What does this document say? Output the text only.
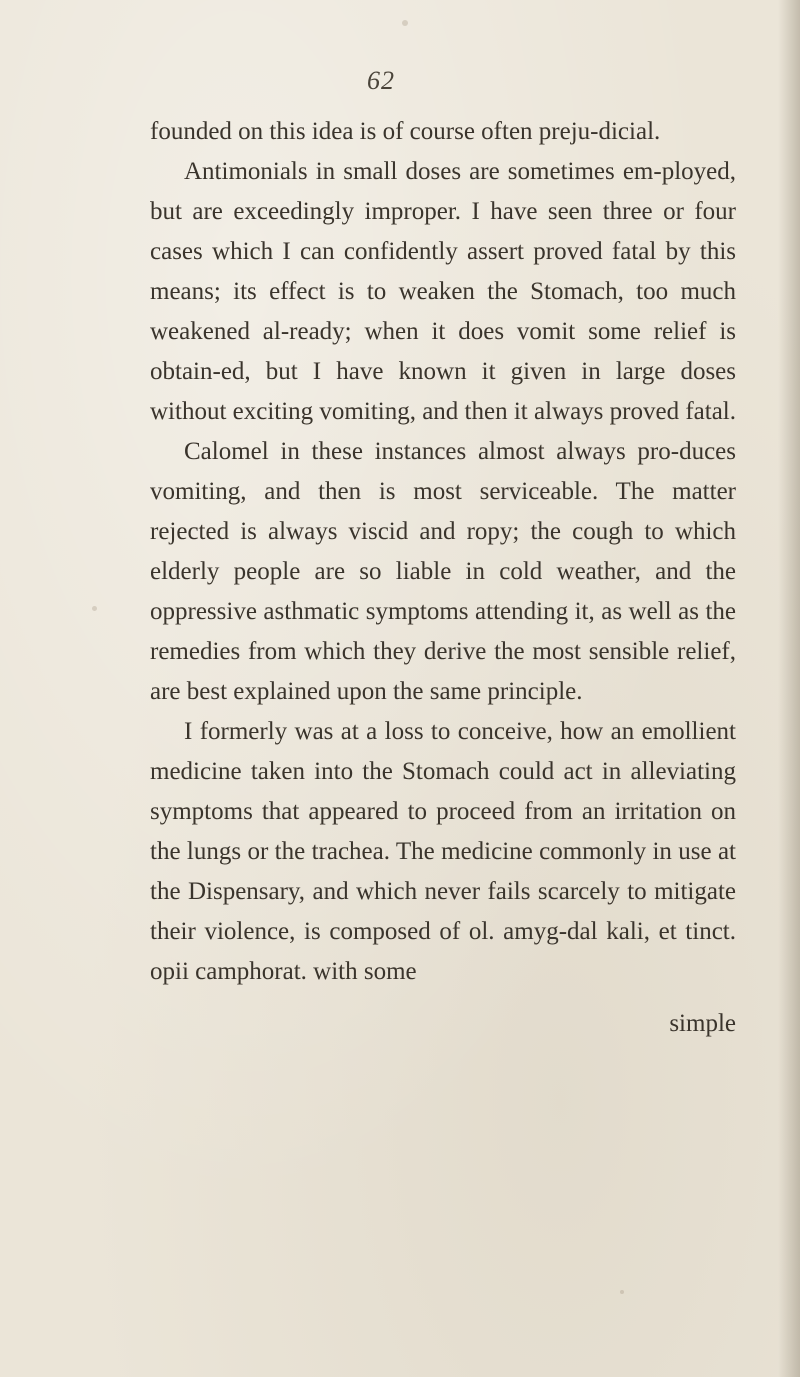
62

founded on this idea is of course often preju-dicial.

Antimonials in small doses are sometimes em-ployed, but are exceedingly improper. I have seen three or four cases which I can confidently assert proved fatal by this means; its effect is to weaken the Stomach, too much weakened al-ready; when it does vomit some relief is obtain-ed, but I have known it given in large doses without exciting vomiting, and then it always proved fatal.

Calomel in these instances almost always pro-duces vomiting, and then is most serviceable. The matter rejected is always viscid and ropy; the cough to which elderly people are so liable in cold weather, and the oppressive asthmatic symptoms attending it, as well as the remedies from which they derive the most sensible relief, are best explained upon the same principle.

I formerly was at a loss to conceive, how an emollient medicine taken into the Stomach could act in alleviating symptoms that appeared to proceed from an irritation on the lungs or the trachea. The medicine commonly in use at the Dispensary, and which never fails scarcely to mitigate their violence, is composed of ol. amyg-dal kali, et tinct. opii camphorat. with some

simple
